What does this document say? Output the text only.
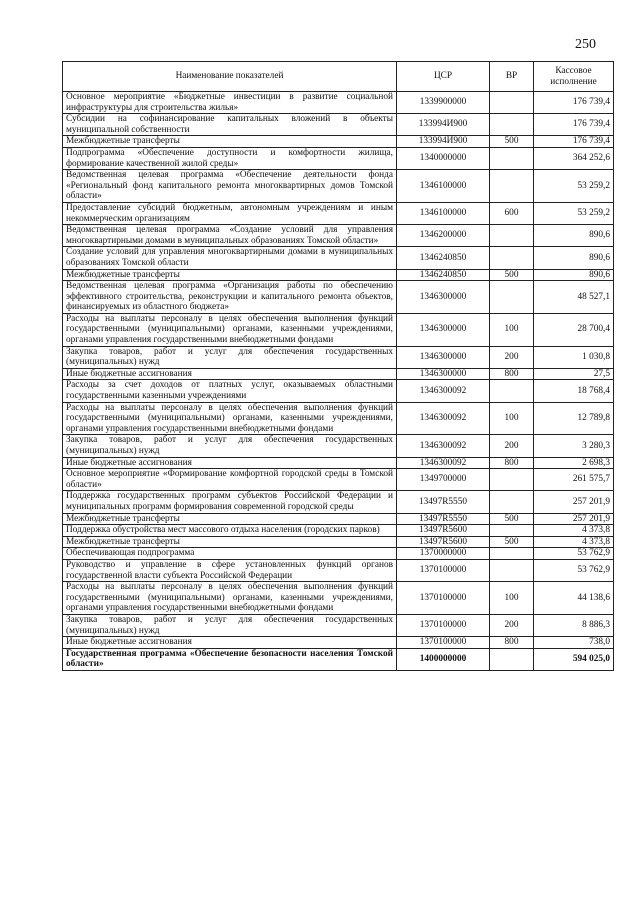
250
Наименование показателей	ЦСР	ВР	Кассовое исполнение
Основное мероприятие «Бюджетные инвестиции в развитие социальной инфраструктуры для строительства жилья»	1339900000		176 739,4
Субсидии на софинансирование капитальных вложений в объекты муниципальной собственности	133994И900		176 739,4
Межбюджетные трансферты	133994И900	500	176 739,4
Подпрограмма «Обеспечение доступности и комфортности жилища, формирование качественной жилой среды»	1340000000		364 252,6
Ведомственная целевая программа «Обеспечение деятельности фонда «Региональный фонд капитального ремонта многоквартирных домов Томской области»	1346100000		53 259,2
Предоставление субсидий бюджетным, автономным учреждениям и иным некоммерческим организациям	1346100000	600	53 259,2
Ведомственная целевая программа «Создание условий для управления многоквартирными домами в муниципальных образованиях Томской области»	1346200000		890,6
Создание условий для управления многоквартирными домами в муниципальных образованиях Томской области	1346240850		890,6
Межбюджетные трансферты	1346240850	500	890,6
Ведомственная целевая программа «Организация работы по обеспечению эффективного строительства, реконструкции и капитального ремонта объектов, финансируемых из областного бюджета»	1346300000		48 527,1
Расходы на выплаты персоналу в целях обеспечения выполнения функций государственными (муниципальными) органами, казенными учреждениями, органами управления государственными внебюджетными фондами	1346300000	100	28 700,4
Закупка товаров, работ и услуг для обеспечения государственных (муниципальных) нужд	1346300000	200	1 030,8
Иные бюджетные ассигнования	1346300000	800	27,5
Расходы за счет доходов от платных услуг, оказываемых областными государственными казенными учреждениями	1346300092		18 768,4
Расходы на выплаты персоналу в целях обеспечения выполнения функций государственными (муниципальными) органами, казенными учреждениями, органами управления государственными внебюджетными фондами	1346300092	100	12 789,8
Закупка товаров, работ и услуг для обеспечения государственных (муниципальных) нужд	1346300092	200	3 280,3
Иные бюджетные ассигнования	1346300092	800	2 698,3
Основное мероприятие «Формирование комфортной городской среды в Томской области»	1349700000		261 575,7
Поддержка государственных программ субъектов Российской Федерации и муниципальных программ формирования современной городской среды	13497R5550		257 201,9
Межбюджетные трансферты	13497R5550	500	257 201,9
Поддержка обустройства мест массового отдыха населения (городских парков)	13497R5600		4 373,8
Межбюджетные трансферты	13497R5600	500	4 373,8
Обеспечивающая подпрограмма	1370000000		53 762,9
Руководство и управление в сфере установленных функций органов государственной власти субъекта Российской Федерации	1370100000		53 762,9
Расходы на выплаты персоналу в целях обеспечения выполнения функций государственными (муниципальными) органами, казенными учреждениями, органами управления государственными внебюджетными фондами	1370100000	100	44 138,6
Закупка товаров, работ и услуг для обеспечения государственных (муниципальных) нужд	1370100000	200	8 886,3
Иные бюджетные ассигнования	1370100000	800	738,0
Государственная программа «Обеспечение безопасности населения Томской области»	1400000000		594 025,0
